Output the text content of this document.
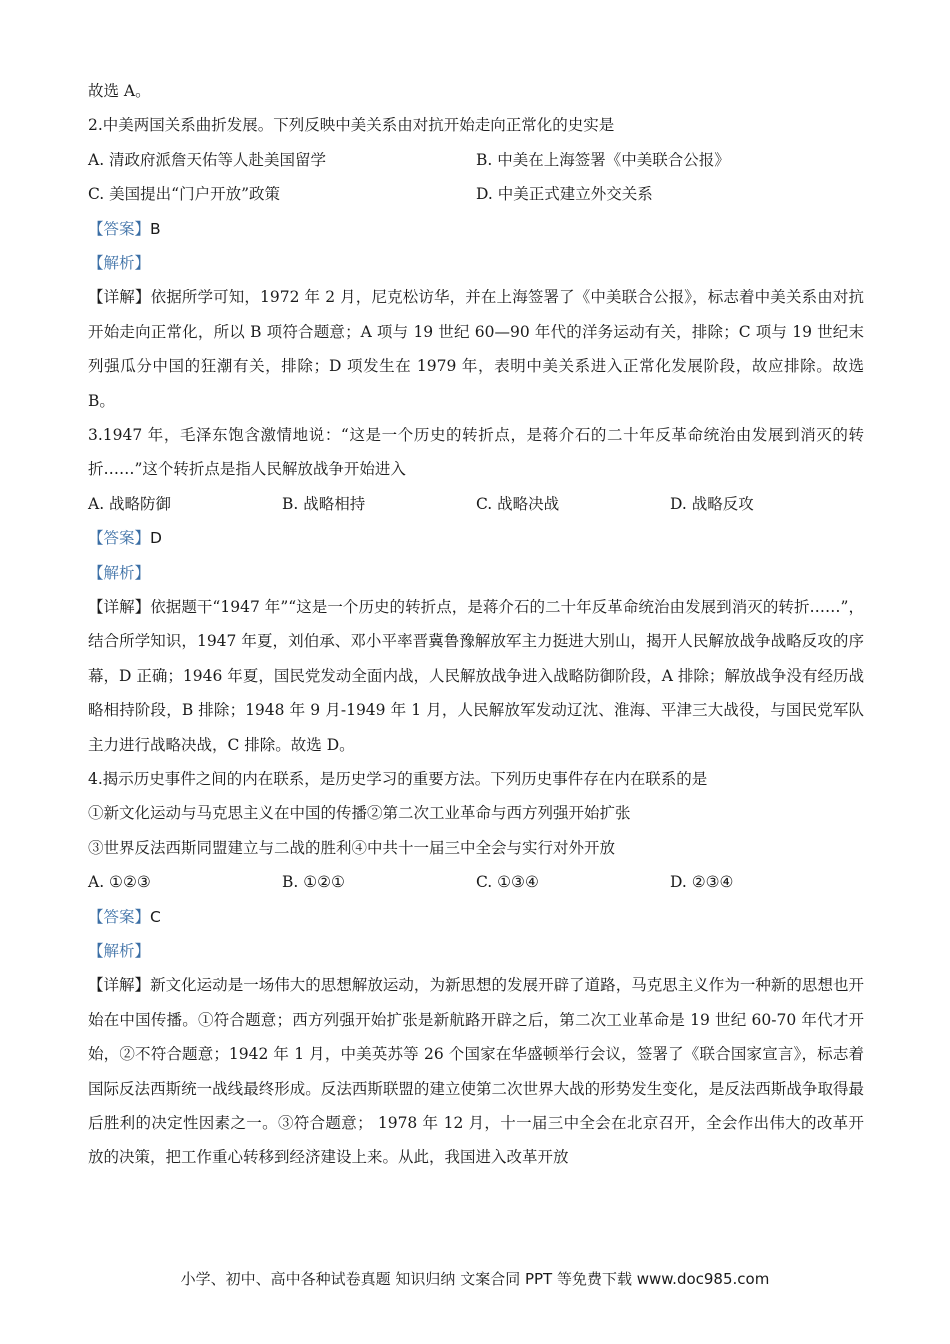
故选 A。
2.中美两国关系曲折发展。下列反映中美关系由对抗开始走向正常化的史实是
A. 清政府派詹天佑等人赴美国留学	B. 中美在上海签署《中美联合公报》
C. 美国提出“门户开放”政策	D. 中美正式建立外交关系
【答案】B
【解析】
【详解】依据所学可知，1972 年 2 月，尼克松访华，并在上海签署了《中美联合公报》，标志着中美关系由对抗开始走向正常化，所以 B 项符合题意；A 项与 19 世纪 60—90 年代的洋务运动有关，排除；C 项与 19 世纪末列强瓜分中国的狂潮有关，排除；D 项发生在 1979 年，表明中美关系进入正常化发展阶段，故应排除。故选 B。
3.1947 年，毛泽东饱含激情地说：“这是一个历史的转折点，是蒋介石的二十年反革命统治由发展到消灭的转折……”这个转折点是指人民解放战争开始进入
A. 战略防御	B. 战略相持	C. 战略决战	D. 战略反攻
【答案】D
【解析】
【详解】依据题干“1947 年”“这是一个历史的转折点，是蒋介石的二十年反革命统治由发展到消灭的转折……”，结合所学知识，1947 年夏，刘伯承、邓小平率晋冀鲁豫解放军主力挺进大别山，揭开人民解放战争战略反攻的序幕，D 正确；1946 年夏，国民党发动全面内战，人民解放战争进入战略防御阶段，A 排除；解放战争没有经历战略相持阶段，B 排除；1948 年 9 月-1949 年 1 月，人民解放军发动辽沈、淮海、平津三大战役，与国民党军队主力进行战略决战，C 排除。故选 D。
4.揭示历史事件之间的内在联系，是历史学习的重要方法。下列历史事件存在内在联系的是
①新文化运动与马克思主义在中国的传播②第二次工业革命与西方列强开始扩张
③世界反法西斯同盟建立与二战的胜利④中共十一届三中全会与实行对外开放
A. ①②③	B. ①②①	C. ①③④	D. ②③④
【答案】C
【解析】
【详解】新文化运动是一场伟大的思想解放运动，为新思想的发展开辟了道路，马克思主义作为一种新的思想也开始在中国传播。①符合题意；西方列强开始扩张是新航路开辟之后，第二次工业革命是 19 世纪 60-70 年代才开始，②不符合题意；1942 年 1 月，中美英苏等 26 个国家在华盛顿举行会议，签署了《联合国家宣言》，标志着国际反法西斯统一战线最终形成。反法西斯联盟的建立使第二次世界大战的形势发生变化，是反法西斯战争取得最后胜利的决定性因素之一。③符合题意； 1978 年 12 月，十一届三中全会在北京召开，全会作出伟大的改革开放的决策，把工作重心转移到经济建设上来。从此，我国进入改革开放
小学、初中、高中各种试卷真题 知识归纳 文案合同 PPT 等免费下载 www.doc985.com
